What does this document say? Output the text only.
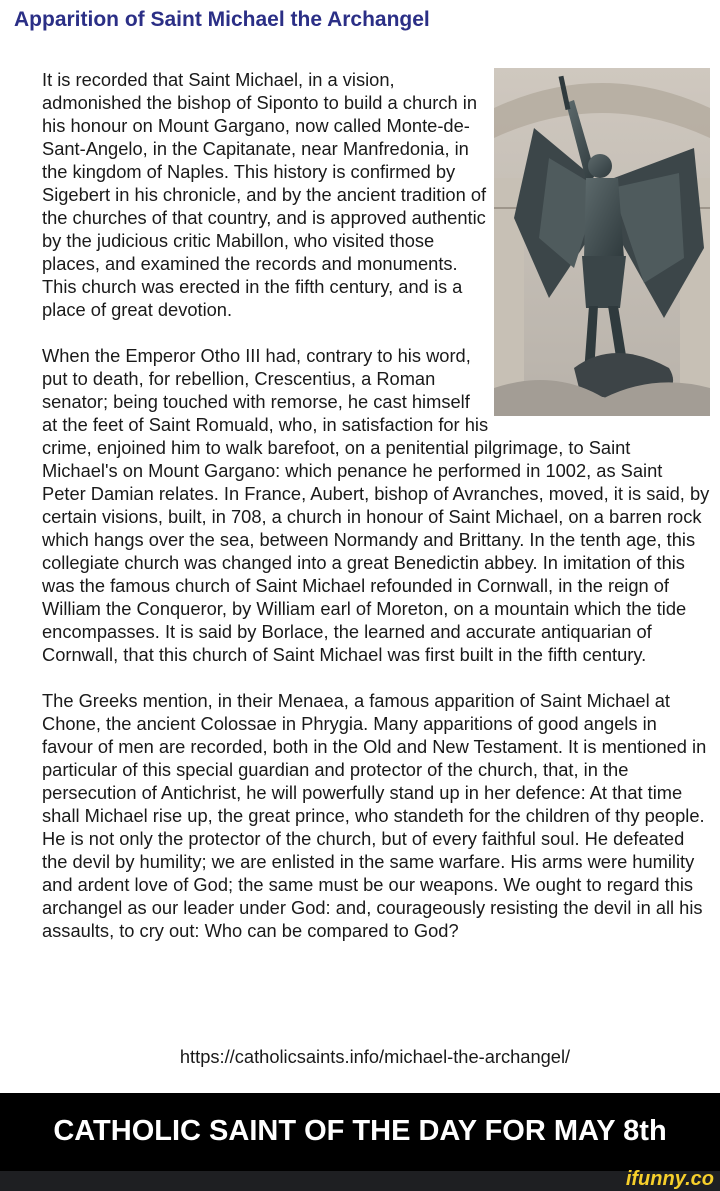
Apparition of Saint Michael the Archangel

It is recorded that Saint Michael, in a vision, admonished the bishop of Siponto to build a church in his honour on Mount Gargano, now called Monte-de-Sant-Angelo, in the Capitanate, near Manfredonia, in the kingdom of Naples. This history is confirmed by Sigebert in his chronicle, and by the ancient tradition of the churches of that country, and is approved authentic by the judicious critic Mabillon, who visited those places, and examined the records and monuments. This church was erected in the fifth century, and is a place of great devotion.

When the Emperor Otho III had, contrary to his word, put to death, for rebellion, Crescentius, a Roman senator; being touched with remorse, he cast himself at the feet of Saint Romuald, who, in satisfaction for his crime, enjoined him to walk barefoot, on a penitential pilgrimage, to Saint Michael's on Mount Gargano: which penance he performed in 1002, as Saint Peter Damian relates. In France, Aubert, bishop of Avranches, moved, it is said, by certain visions, built, in 708, a church in honour of Saint Michael, on a barren rock which hangs over the sea, between Normandy and Brittany. In the tenth age, this collegiate church was changed into a great Benedictin abbey. In imitation of this was the famous church of Saint Michael refounded in Cornwall, in the reign of William the Conqueror, by William earl of Moreton, on a mountain which the tide encompasses. It is said by Borlace, the learned and accurate antiquarian of Cornwall, that this church of Saint Michael was first built in the fifth century.

The Greeks mention, in their Menaea, a famous apparition of Saint Michael at Chone, the ancient Colossae in Phrygia. Many apparitions of good angels in favour of men are recorded, both in the Old and New Testament. It is mentioned in particular of this special guardian and protector of the church, that, in the persecution of Antichrist, he will powerfully stand up in her defence: At that time shall Michael rise up, the great prince, who standeth for the children of thy people. He is not only the protector of the church, but of every faithful soul. He defeated the devil by humility; we are enlisted in the same warfare. His arms were humility and ardent love of God; the same must be our weapons. We ought to regard this archangel as our leader under God: and, courageously resisting the devil in all his assaults, to cry out: Who can be compared to God?

https://catholicsaints.info/michael-the-archangel/
CATHOLIC SAINT OF THE DAY FOR MAY 8th
ifunny.co
